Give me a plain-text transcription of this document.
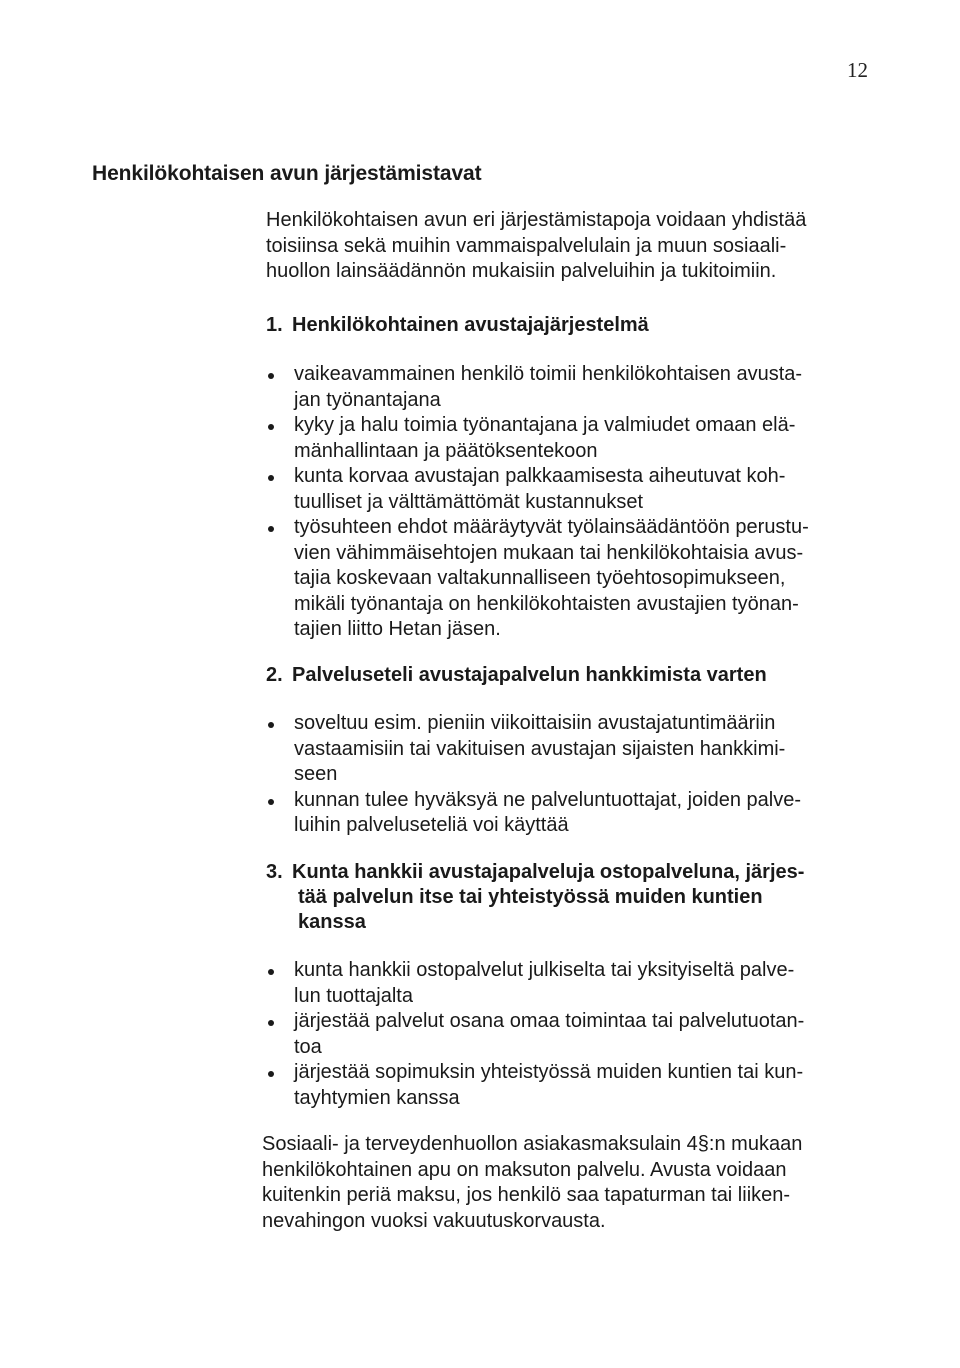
12
Henkilökohtaisen avun järjestämistavat

Henkilökohtaisen avun eri järjestämistapoja voidaan yhdistää
toisiinsa sekä muihin vammaispalvelulain ja muun sosiaali-
huollon lainsäädännön mukaisiin palveluihin ja tukitoimiin.

1. Henkilökohtainen avustajajärjestelmä
vaikeavammainen henkilö toimii henkilökohtaisen avusta-
jan työnantajana
kyky ja halu toimia työnantajana ja valmiudet omaan elä-
mänhallintaan ja päätöksentekoon
kunta korvaa avustajan palkkaamisesta aiheutuvat koh-
tuulliset ja välttämättömät kustannukset
työsuhteen ehdot määräytyvät työlainsäädäntöön perustu-
vien vähimmäisehtojen mukaan tai henkilökohtaisia avus-
tajia koskevaan valtakunnalliseen työehtosopimukseen,
mikäli työnantaja on henkilökohtaisten avustajien työnan-
tajien liitto Hetan jäsen.
2. Palveluseteli avustajapalvelun hankkimista varten
soveltuu esim. pieniin viikoittaisiin avustajatuntimääriin
vastaamisiin tai vakituisen avustajan sijaisten hankkimi-
seen
kunnan tulee hyväksyä ne palveluntuottajat, joiden palve-
luihin palveluseteliä voi käyttää
3. Kunta hankkii avustajapalveluja ostopalveluna, järjes-
tää palvelun itse tai yhteistyössä muiden kuntien
kanssa
kunta hankkii ostopalvelut julkiselta tai yksityiseltä palve-
lun tuottajalta
järjestää palvelut osana omaa toimintaa tai palvelutuotan-
toa
järjestää sopimuksin yhteistyössä muiden kuntien tai kun-
tayhtymien kanssa

Sosiaali- ja terveydenhuollon asiakasmaksulain 4§:n mukaan
henkilökohtainen apu on maksuton palvelu. Avusta voidaan
kuitenkin periä maksu, jos henkilö saa tapaturman tai liiken-
nevahingon vuoksi vakuutuskorvausta.
